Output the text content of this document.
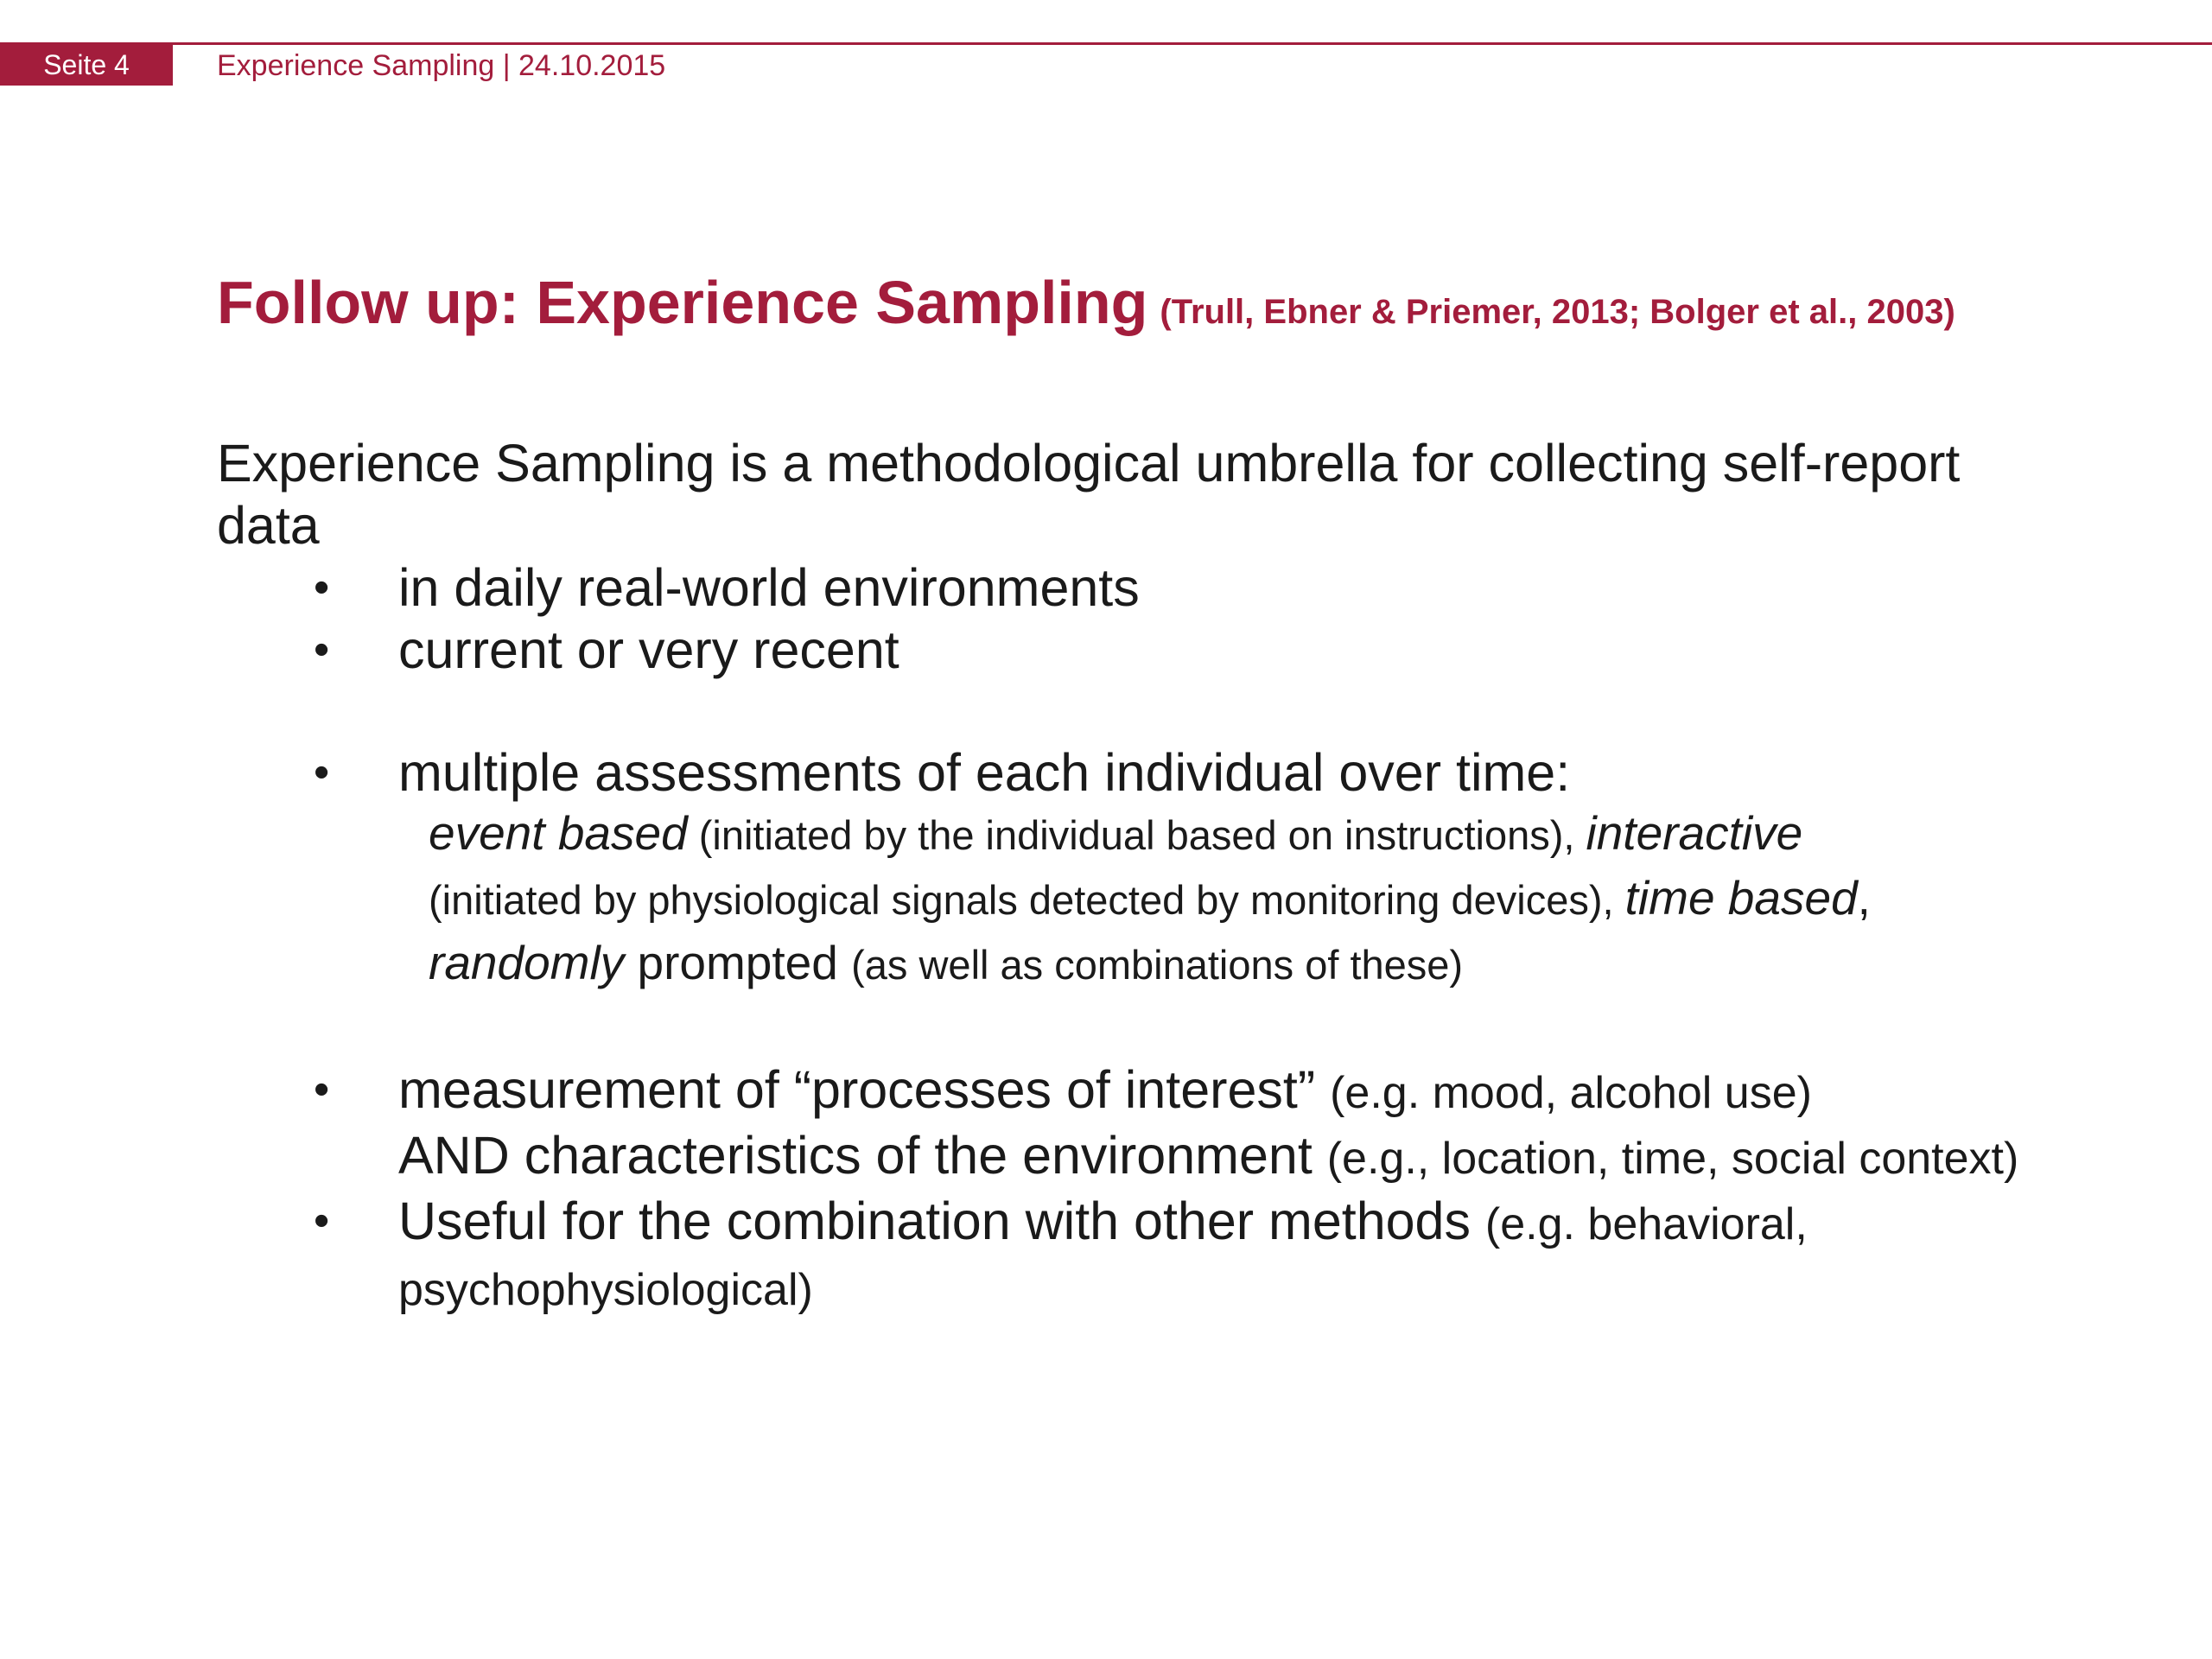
Seite 4	Experience Sampling | 24.10.2015
Follow up: Experience Sampling (Trull, Ebner & Priemer, 2013; Bolger et al., 2003)

Experience Sampling is a methodological umbrella for collecting self-report data

• in daily real-world environments
• current or very recent
• multiple assessments of each individual over time:
event based (initiated by the individual based on instructions), interactive
(initiated by physiological signals detected by monitoring devices), time based,
randomly prompted (as well as combinations of these)
• measurement of “processes of interest” (e.g. mood, alcohol use)
AND characteristics of the environment (e.g., location, time, social context)
• Useful for the combination with other methods (e.g. behavioral, psychophysiological)
